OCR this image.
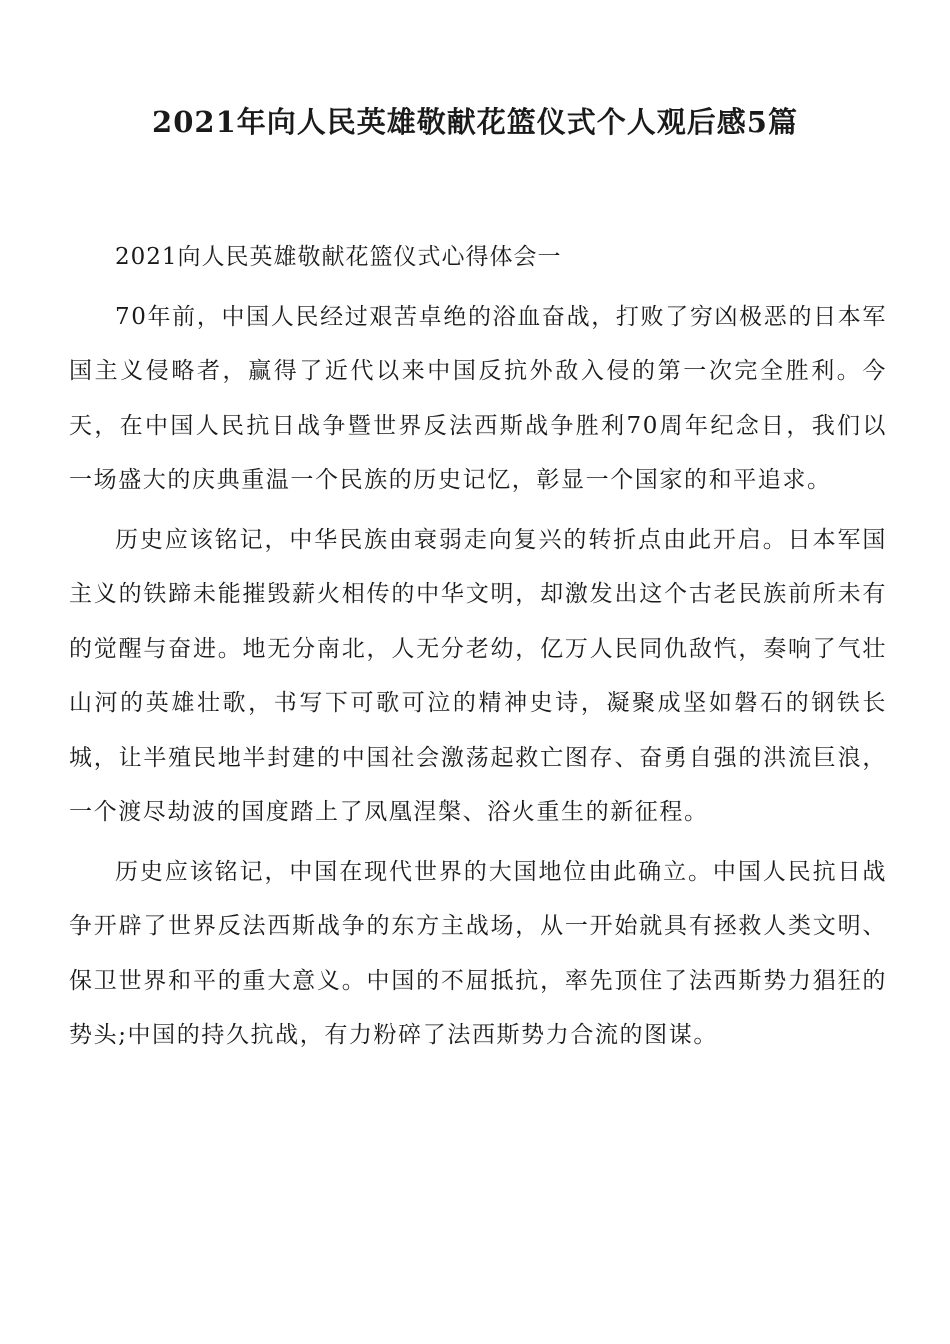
2021年向人民英雄敬献花篮仪式个人观后感5篇

2021向人民英雄敬献花篮仪式心得体会一

70年前，中国人民经过艰苦卓绝的浴血奋战，打败了穷凶极恶的日本军国主义侵略者，赢得了近代以来中国反抗外敌入侵的第一次完全胜利。今天，在中国人民抗日战争暨世界反法西斯战争胜利70周年纪念日，我们以一场盛大的庆典重温一个民族的历史记忆，彰显一个国家的和平追求。

历史应该铭记，中华民族由衰弱走向复兴的转折点由此开启。日本军国主义的铁蹄未能摧毁薪火相传的中华文明，却激发出这个古老民族前所未有的觉醒与奋进。地无分南北，人无分老幼，亿万人民同仇敌忾，奏响了气壮山河的英雄壮歌，书写下可歌可泣的精神史诗，凝聚成坚如磐石的钢铁长城，让半殖民地半封建的中国社会激荡起救亡图存、奋勇自强的洪流巨浪，一个渡尽劫波的国度踏上了凤凰涅槃、浴火重生的新征程。

历史应该铭记，中国在现代世界的大国地位由此确立。中国人民抗日战争开辟了世界反法西斯战争的东方主战场，从一开始就具有拯救人类文明、保卫世界和平的重大意义。中国的不屈抵抗，率先顶住了法西斯势力猖狂的势头;中国的持久抗战，有力粉碎了法西斯势力合流的图谋。
